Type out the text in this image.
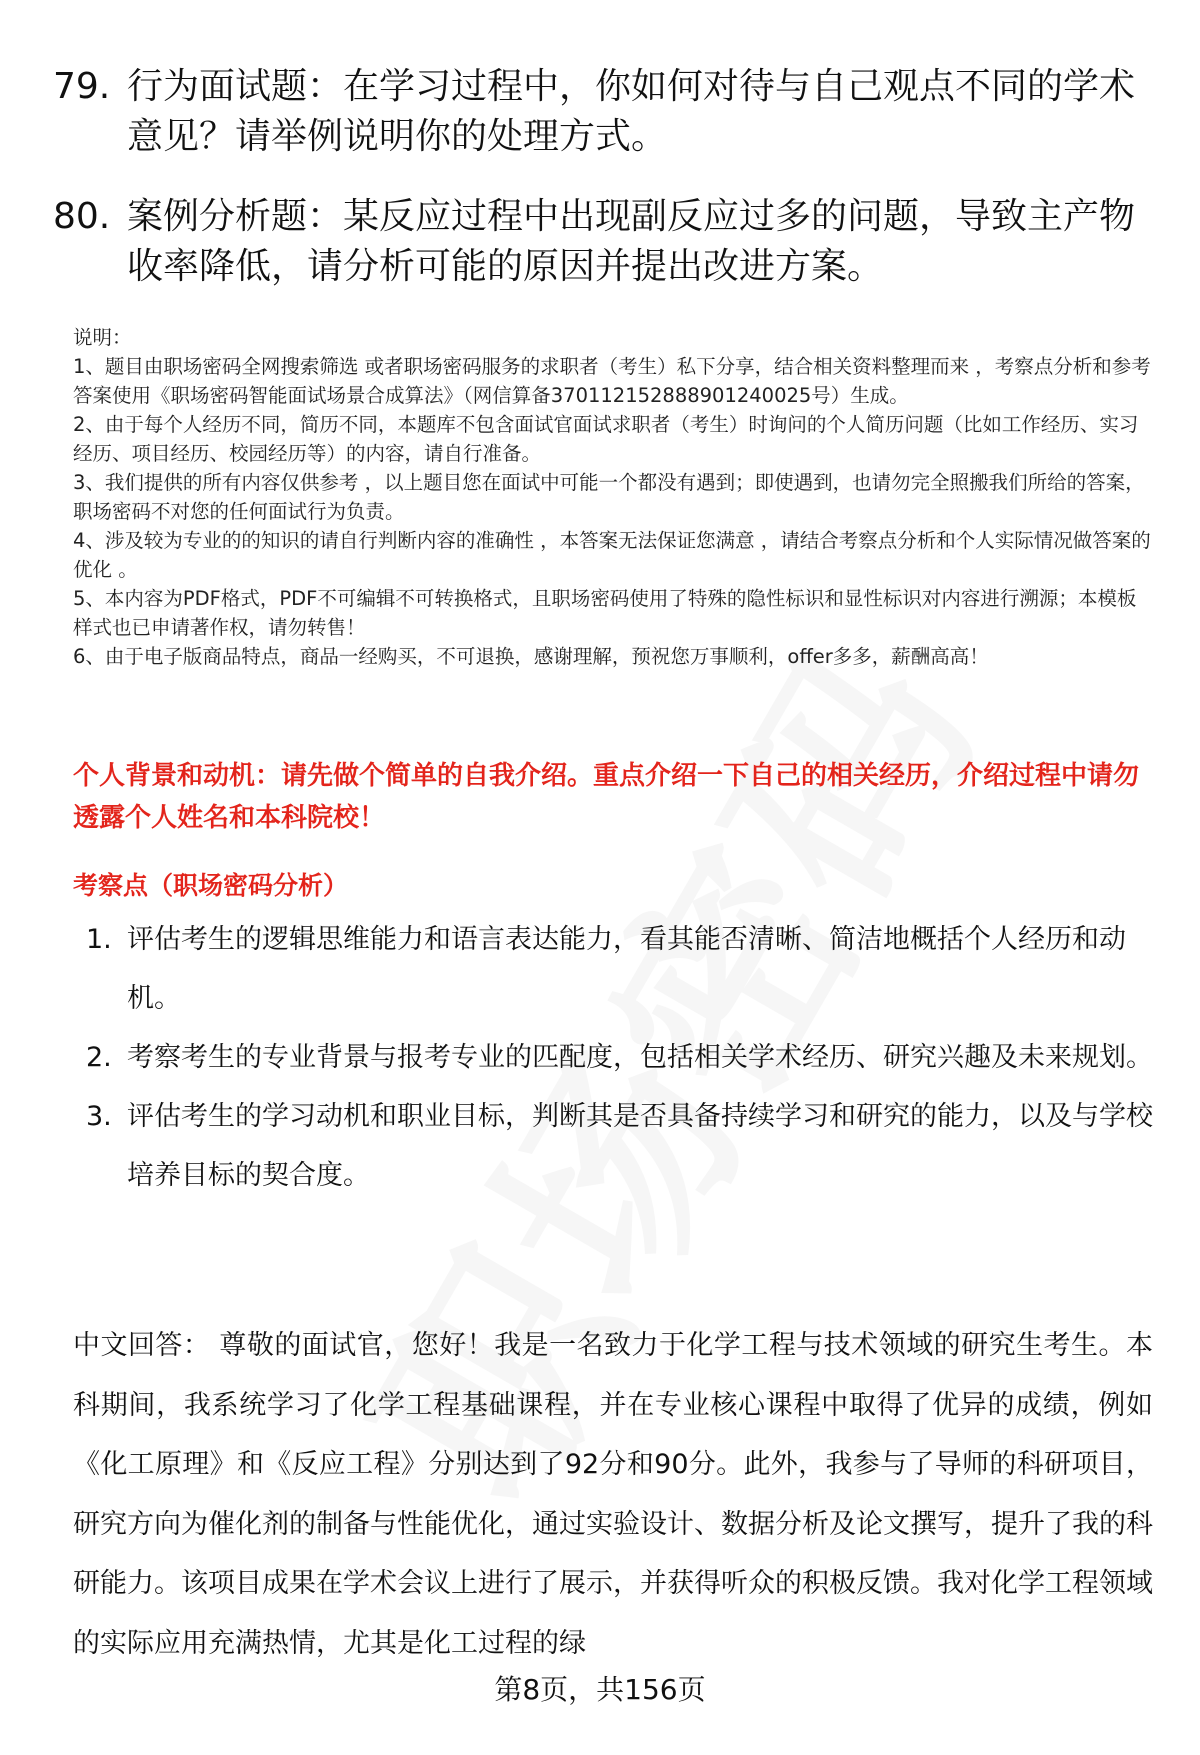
79. 行为面试题：在学习过程中，你如何对待与自己观点不同的学术意见？请举例说明你的处理方式。
80. 案例分析题：某反应过程中出现副反应过多的问题，导致主产物收率降低，请分析可能的原因并提出改进方案。
说明：
1、题目由职场密码全网搜索筛选 或者职场密码服务的求职者（考生）私下分享，结合相关资料整理而来 ，考察点分析和参考答案使用《职场密码智能面试场景合成算法》（网信算备370112152888901240025号）生成。
2、由于每个人经历不同，简历不同，本题库不包含面试官面试求职者（考生）时询问的个人简历问题（比如工作经历、实习经历、项目经历、校园经历等）的内容，请自行准备。
3、我们提供的所有内容仅供参考 ，以上题目您在面试中可能一个都没有遇到；即使遇到，也请勿完全照搬我们所给的答案，职场密码不对您的任何面试行为负责。
4、涉及较为专业的的知识的请自行判断内容的准确性 ，本答案无法保证您满意 ，请结合考察点分析和个人实际情况做答案的优化 。
5、本内容为PDF格式，PDF不可编辑不可转换格式，且职场密码使用了特殊的隐性标识和显性标识对内容进行溯源；本模板样式也已申请著作权，请勿转售！
6、由于电子版商品特点，商品一经购买，不可退换，感谢理解，预祝您万事顺利，offer多多，薪酬高高！
个人背景和动机：请先做个简单的自我介绍。重点介绍一下自己的相关经历，介绍过程中请勿透露个人姓名和本科院校！
考察点（职场密码分析）
1. 评估考生的逻辑思维能力和语言表达能力，看其能否清晰、简洁地概括个人经历和动机。
2. 考察考生的专业背景与报考专业的匹配度，包括相关学术经历、研究兴趣及未来规划。
3. 评估考生的学习动机和职业目标，判断其是否具备持续学习和研究的能力，以及与学校培养目标的契合度。
中文回答： 尊敬的面试官，您好！我是一名致力于化学工程与技术领域的研究生考生。本科期间，我系统学习了化学工程基础课程，并在专业核心课程中取得了优异的成绩，例如《化工原理》和《反应工程》分别达到了92分和90分。此外，我参与了导师的科研项目，研究方向为催化剂的制备与性能优化，通过实验设计、数据分析及论文撰写，提升了我的科研能力。该项目成果在学术会议上进行了展示，并获得听众的积极反馈。我对化学工程领域的实际应用充满热情，尤其是化工过程的绿
第8页，共156页
